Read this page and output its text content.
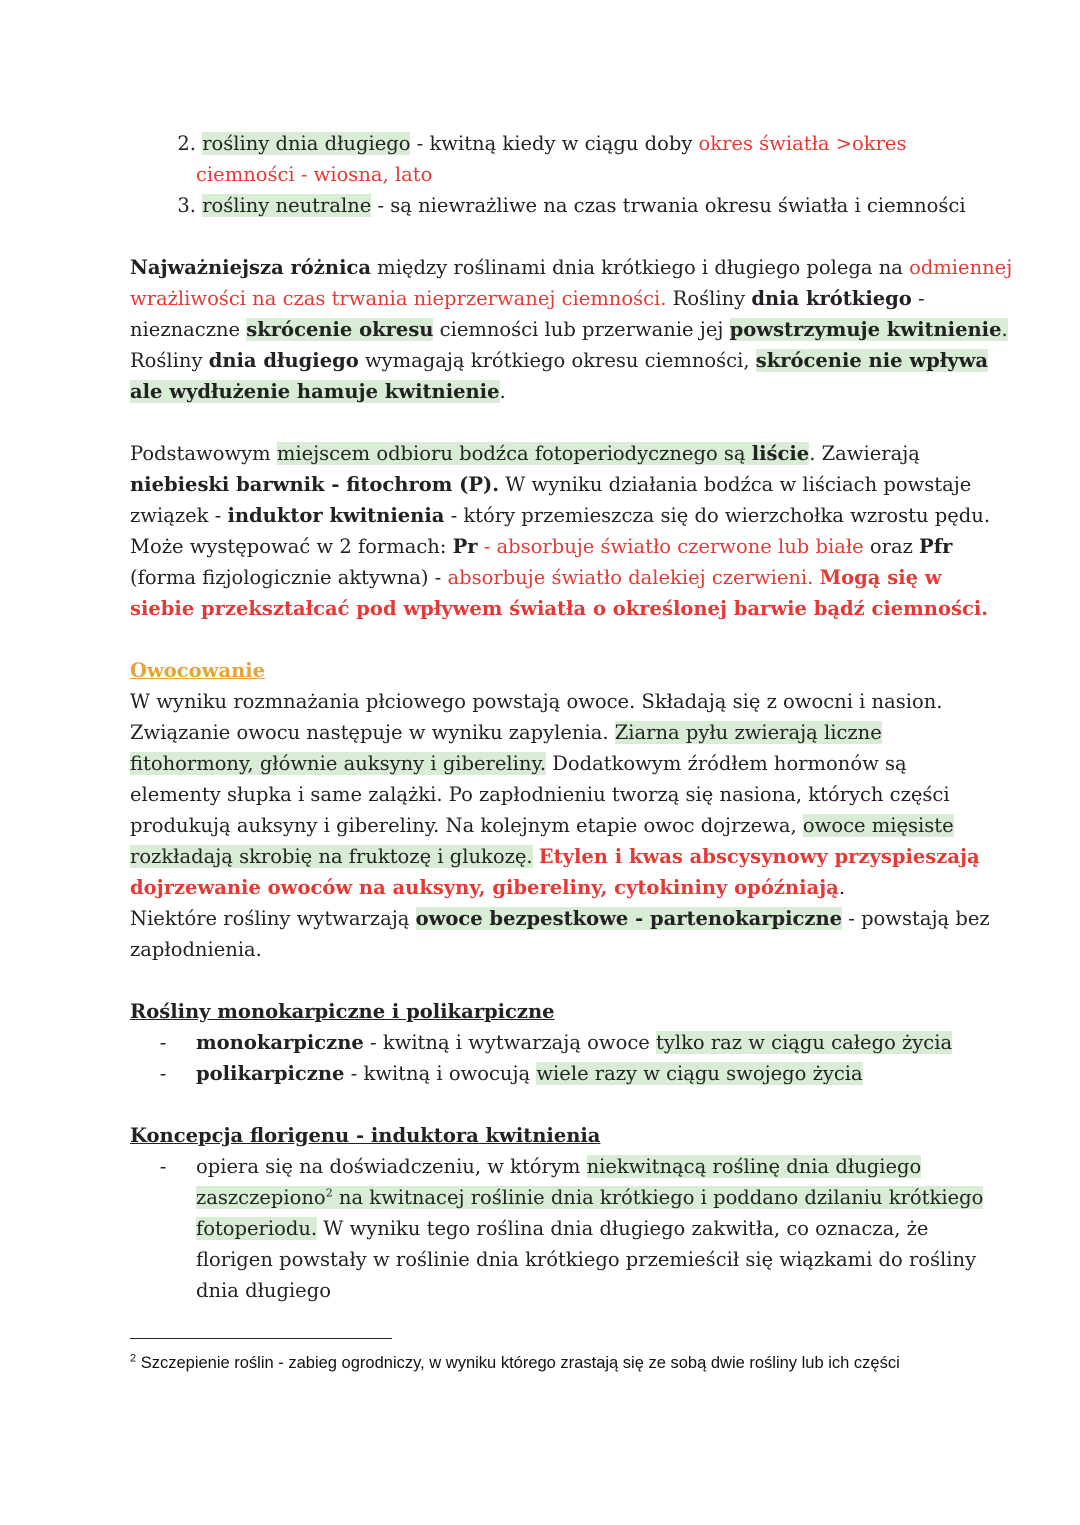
2. rośliny dnia długiego - kwitną kiedy w ciągu doby okres światła >okres
ciemności - wiosna, lato
3. rośliny neutralne - są niewrażliwe na czas trwania okresu światła i ciemności
Najważniejsza różnica między roślinami dnia krótkiego i długiego polega na odmiennej
wrażliwości na czas trwania nieprzerwanej ciemności. Rośliny dnia krótkiego -
nieznaczne skrócenie okresu ciemności lub przerwanie jej powstrzymuje kwitnienie.
Rośliny dnia długiego wymagają krótkiego okresu ciemności, skrócenie nie wpływa
ale wydłużenie hamuje kwitnienie.
Podstawowym miejscem odbioru bodźca fotoperiodycznego są liście. Zawierają
niebieski barwnik - fitochrom (P). W wyniku działania bodźca w liściach powstaje
związek - induktor kwitnienia - który przemieszcza się do wierzchołka wzrostu pędu.
Może występować w 2 formach: Pr - absorbuje światło czerwone lub białe oraz Pfr
(forma fizjologicznie aktywna) - absorbuje światło dalekiej czerwieni. Mogą się w
siebie przekształcać pod wpływem światła o określonej barwie bądź ciemności.
Owocowanie
W wyniku rozmnażania płciowego powstają owoce. Składają się z owocni i nasion.
Związanie owocu następuje w wyniku zapylenia. Ziarna pyłu zwierają liczne
fitohormony, głównie auksyny i gibereliny. Dodatkowym źródłem hormonów są
elementy słupka i same zalążki. Po zapłodnieniu tworzą się nasiona, których części
produkują auksyny i gibereliny. Na kolejnym etapie owoc dojrzewa, owoce mięsiste
rozkładają skrobię na fruktozę i glukozę. Etylen i kwas abscysynowy przyspieszają
dojrzewanie owoców na auksyny, gibereliny, cytokininy opóźniają.
Niektóre rośliny wytwarzają owoce bezpestkowe - partenokarpiczne - powstają bez
zapłodnienia.
Rośliny monokarpiczne i polikarpiczne
- monokarpiczne - kwitną i wytwarzają owoce tylko raz w ciągu całego życia
- polikarpiczne - kwitną i owocują wiele razy w ciągu swojego życia
Koncepcja florigenu - induktora kwitnienia
- opiera się na doświadczeniu, w którym niekwitnącą roślinę dnia długiego
zaszczepiono$^2$ na kwitnacej roślinie dnia krótkiego i poddano dzilaniu krótkiego
fotoperiodu. W wyniku tego roślina dnia długiego zakwitła, co oznacza, że
florigen powstały w roślinie dnia krótkiego przemieścił się wiązkami do rośliny
dnia długiego
$^2$ Szczepienie roślin - zabieg ogrodniczy, w wyniku którego zrastają się ze sobą dwie rośliny lub ich części
